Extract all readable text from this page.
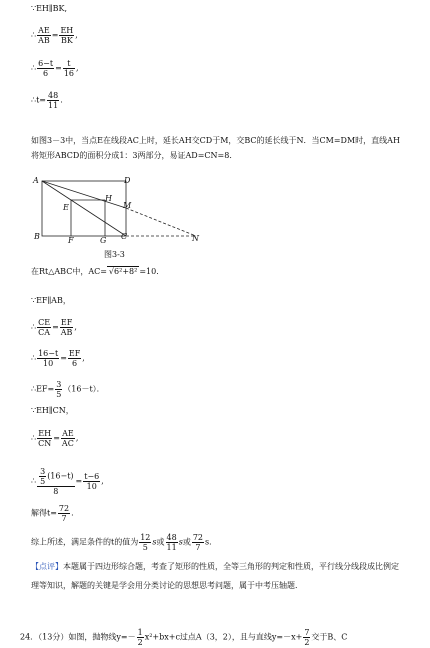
∵EH∥BK,
∴ $\frac{AE}{AB} = \frac{EH}{BK}$ ,
∴ $\frac{6-t}{6} = \frac{t}{16}$ ,
∴t= $\frac{48}{11}$ .
如图3－3中，当点E在线段AC上时，延长AH交CD于M，交BC的延长线于N．当CM=DM时，直线AH将矩形ABCD的面积分成1：3两部分，易证AD=CN=8．
A	D
B	C
E
H
M
F	G	N
图3-3
在Rt△ABC中，AC= √6²+8² =10．
∵EF∥AB，
∴ $\frac{CE}{CA} = \frac{EF}{AB}$ ,
∴ $\frac{16-t}{10} = \frac{EF}{6}$ ,
∴EF= $\frac{3}{5} (16-t)$．
∵EH∥CN，
∴ $\frac{EH}{CN} = \frac{AE}{AC}$ ,
∴ $\frac{\frac{3}{5} (16-t)}{8} = \frac{t-6}{10}$ ,
解得$t= \frac{72}{7}$ .
综上所述，满足条件的t的值为 $\frac{12}{5}$ s或 $\frac{48}{11}$ s或 $\frac{72}{7}$ s．
【点评】本题属于四边形综合题，考查了矩形的性质，全等三角形的判定和性质，平行线分线段成比例定理等知识，解题的关键是学会用分类讨论的思想思考问题，属于中考压轴题．
24．（13分）如图，抛物线$y=- \frac{1}{2} x^2+bx+c$过点A（3，2），且与直线$y=-x+ \frac{7}{2}$ 交于B、C
